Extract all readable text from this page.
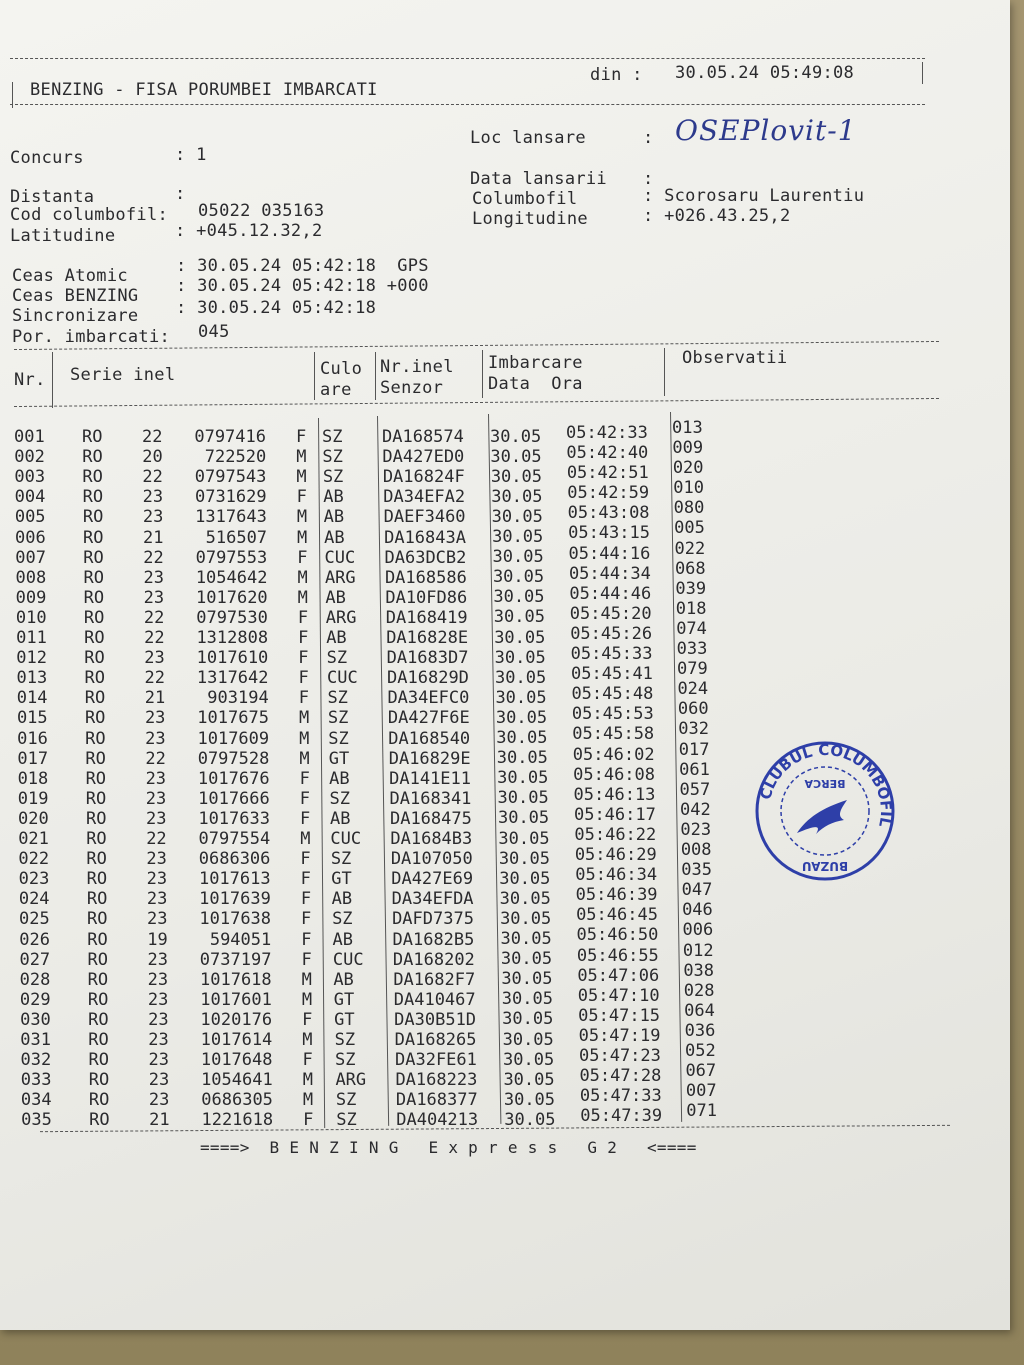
BENZING - FISA PORUMBEI IMBARCATI
din : 30.05.24 05:49:08
Concurs	: 1
Loc lansare	: OSEPlovit-1
Data lansarii :
Distanta	:	Columbofil	: Scorosaru Laurentiu
Cod columbofil: 05022 035163	Longitudine	: +026.43.25,2
Latitudine	: +045.12.32,2
Ceas Atomic	: 30.05.24 05:42:18  GPS
Ceas BENZING : 30.05.24 05:42:18 +000
Sincronizare : 30.05.24 05:42:18
Por. imbarcati: 045
Nr. Serie inel	Culo
are
Nr.inel
Senzor
Imbarcare
Data  Ora
Observatii
001	RO	22	0797416 F SZ	DA168574	30.05	05:42:33	013
002	RO	20	722520 M SZ	DA427ED0	30.05	05:42:40	009
003	RO	22	0797543 M SZ	DA16824F	30.05	05:42:51	020
004	RO	23	0731629 F AB	DA34EFA2	30.05	05:42:59	010
005	RO	23	1317643 M AB	DAEF3460	30.05	05:43:08	080
006	RO	21	516507 M AB	DA16843A	30.05	05:43:15	005
007	RO	22	0797553 F	CUC	DA63DCB2	30.05	05:44:16	022
008	RO	23	1054642 M	ARG	DA168586	30.05	05:44:34	068
009	RO	23	1017620 M	AB	DA10FD86	30.05	05:44:46	039
010	RO	22	0797530 F	ARG	DA168419	30.05	05:45:20	018
011	RO	22	1312808 F	AB	DA16828E	30.05	05:45:26	074
012	RO	23	1017610 F	SZ	DA1683D7	30.05	05:45:33	033
013	RO	22	1317642 F	CUC	DA16829D	30.05	05:45:41	079
014	RO	21	903194 F	SZ	DA34EFC0	30.05	05:45:48	024
015	RO	23	1017675 M	SZ	DA427F6E	30.05	05:45:53	060
016	RO	23	1017609 M	SZ	DA168540	30.05	05:45:58	032
017	RO	22	0797528 M	GT	DA16829E	30.05	05:46:02	017
018	RO	23	1017676 F	AB	DA141E11	30.05	05:46:08	061
019	RO	23	1017666 F	SZ	DA168341	30.05	05:46:13	057
020	RO	23	1017633 F	AB	DA168475	30.05	05:46:17	042
021	RO	22	0797554 M	CUC	DA1684B3	30.05	05:46:22	023
022	RO	23	0686306 F	SZ	DA107050	30.05	05:46:29	008
023	RO	23	1017613 F	GT	DA427E69	30.05	05:46:34	035
024	RO	23	1017639 F	AB	DA34EFDA	30.05	05:46:39	047
025	RO	23	1017638 F	SZ	DAFD7375	30.05	05:46:45	046
026	RO	19	594051 F	AB	DA1682B5	30.05	05:46:50	006
027	RO	23	0737197 F	CUC	DA168202	30.05	05:46:55	012
028	RO	23	1017618 M	AB	DA1682F7	30.05	05:47:06	038
029	RO	23	1017601 M	GT	DA410467	30.05	05:47:10	028
030	RO	23	1020176 F	GT	DA30B51D	30.05	05:47:15	064
031	RO	23	1017614 M	SZ	DA168265	30.05	05:47:19	036
032	RO	23	1017648 F	SZ	DA32FE61	30.05	05:47:23	052
033	RO	23	1054641 M	ARG	DA168223	30.05	05:47:28	067
034	RO	23	0686305 M	SZ	DA168377	30.05	05:47:33	007
035	RO	21	1221618 F	SZ	DA404213	30.05	05:47:39	071
====>  B E N Z I N G   E x p r e s s   G 2   <====
CLUBUL COLUMBOFIL
BERCA
BUZAU
